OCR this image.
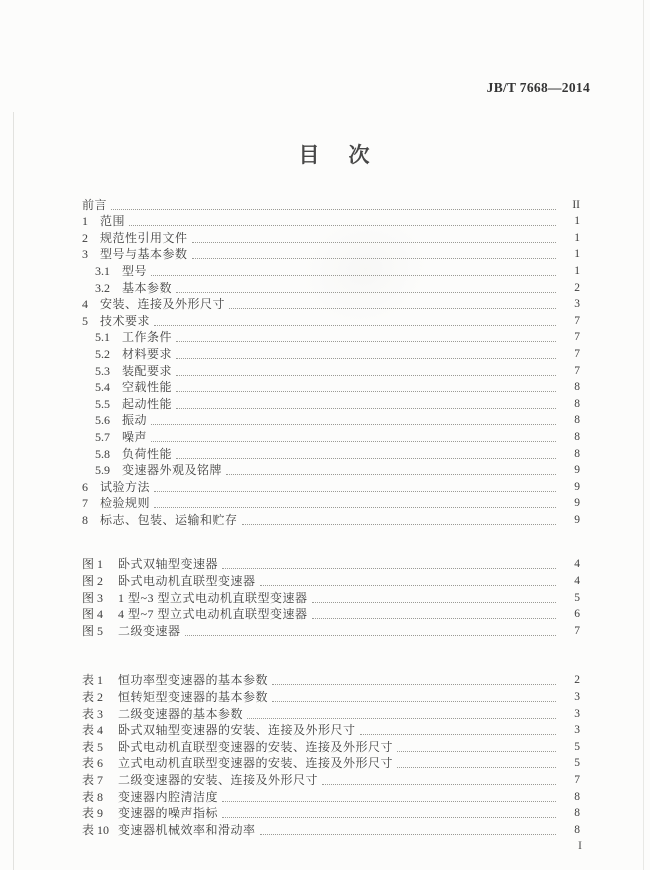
JB/T 7668—2014
目　次
前言	II
1	范围	1
2	规范性引用文件	1
3	型号与基本参数	1
3.1	型号	1
3.2	基本参数	2
4	安装、连接及外形尺寸	3
5	技术要求	7
5.1	工作条件	7
5.2	材料要求	7
5.3	装配要求	7
5.4	空载性能	8
5.5	起动性能	8
5.6	振动	8
5.7	噪声	8
5.8	负荷性能	8
5.9	变速器外观及铭牌	9
6	试验方法	9
7	检验规则	9
8	标志、包装、运输和贮存	9
图 1	卧式双轴型变速器	4
图 2	卧式电动机直联型变速器	4
图 3	1 型~3 型立式电动机直联型变速器	5
图 4	4 型~7 型立式电动机直联型变速器	6
图 5	二级变速器	7
表 1	恒功率型变速器的基本参数	2
表 2	恒转矩型变速器的基本参数	3
表 3	二级变速器的基本参数	3
表 4	卧式双轴型变速器的安装、连接及外形尺寸	3
表 5	卧式电动机直联型变速器的安装、连接及外形尺寸	5
表 6	立式电动机直联型变速器的安装、连接及外形尺寸	5
表 7	二级变速器的安装、连接及外形尺寸	7
表 8	变速器内腔清洁度	8
表 9	变速器的噪声指标	8
表 10 变速器机械效率和滑动率	8
I
